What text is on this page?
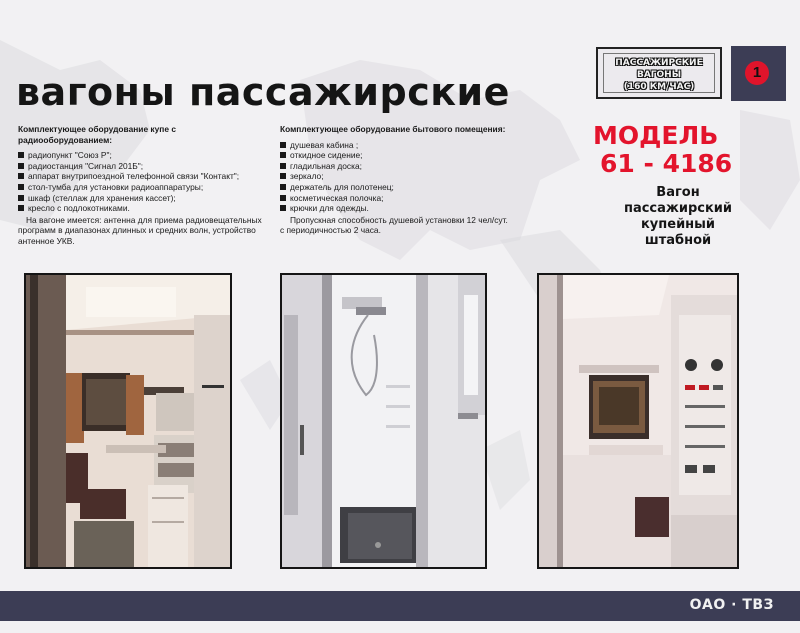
вагоны пассажирские
ПАССАЖИРСКИЕ
ВАГОНЫ
(160 КМ/ЧАС)
1
Комплектующее оборудование купе с радиооборудованием:
радиопункт "Союз Р";
радиостанция "Сигнал 201Б";
аппарат внутрипоездной телефонной связи "Контакт";
стол-тумба для установки радиоаппаратуры;
шкаф (стеллаж для хранения кассет);
кресло с подлокотниками.
На вагоне имеется: антенна для приема радиовещательных программ в диапазонах длинных и средних волн, устройство антенное УКВ.
Комплектующее оборудование бытового помещения:
душевая кабина ;
откидное сидение;
гладильная доска;
зеркало;
держатель для полотенец;
косметическая полочка;
крючки для одежды.
Пропускная способность душевой установки 12 чел/сут. с периодичностью 2 часа.
МОДЕЛЬ
61 - 4186
Вагон
пассажирский
купейный
штабной
ОАО · ТВЗ
